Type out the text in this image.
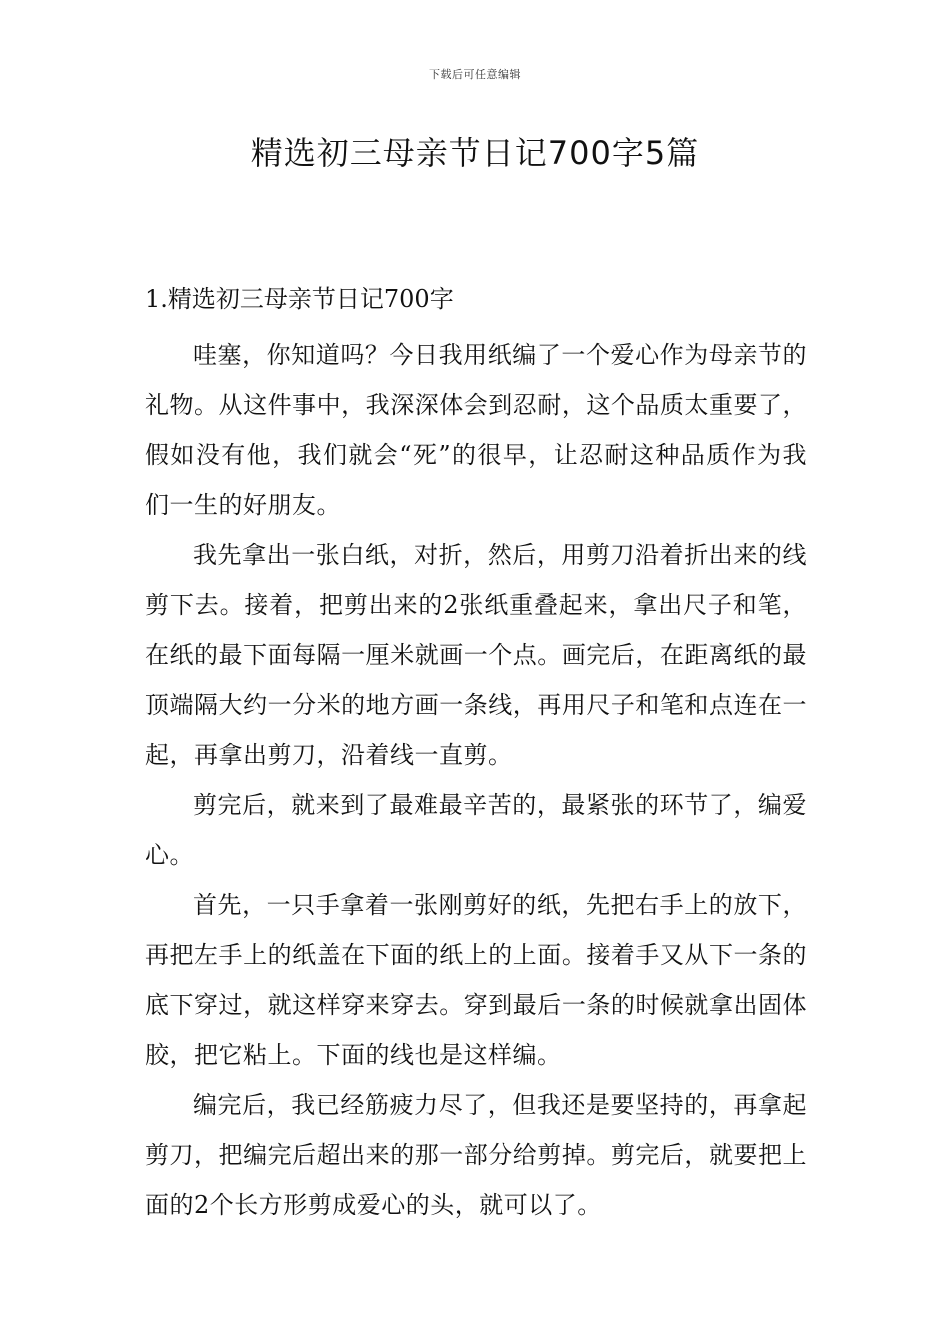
下载后可任意编辑
精选初三母亲节日记700字5篇
1.精选初三母亲节日记700字

哇塞，你知道吗？今日我用纸编了一个爱心作为母亲节的礼物。从这件事中，我深深体会到忍耐，这个品质太重要了，假如没有他，我们就会“死”的很早，让忍耐这种品质作为我们一生的好朋友。

我先拿出一张白纸，对折，然后，用剪刀沿着折出来的线剪下去。接着，把剪出来的2张纸重叠起来，拿出尺子和笔，在纸的最下面每隔一厘米就画一个点。画完后，在距离纸的最顶端隔大约一分米的地方画一条线，再用尺子和笔和点连在一起，再拿出剪刀，沿着线一直剪。

剪完后，就来到了最难最辛苦的，最紧张的环节了，编爱心。

首先，一只手拿着一张刚剪好的纸，先把右手上的放下，再把左手上的纸盖在下面的纸上的上面。接着手又从下一条的底下穿过，就这样穿来穿去。穿到最后一条的时候就拿出固体胶，把它粘上。下面的线也是这样编。

编完后，我已经筋疲力尽了，但我还是要坚持的，再拿起剪刀，把编完后超出来的那一部分给剪掉。剪完后，就要把上面的2个长方形剪成爱心的头，就可以了。
